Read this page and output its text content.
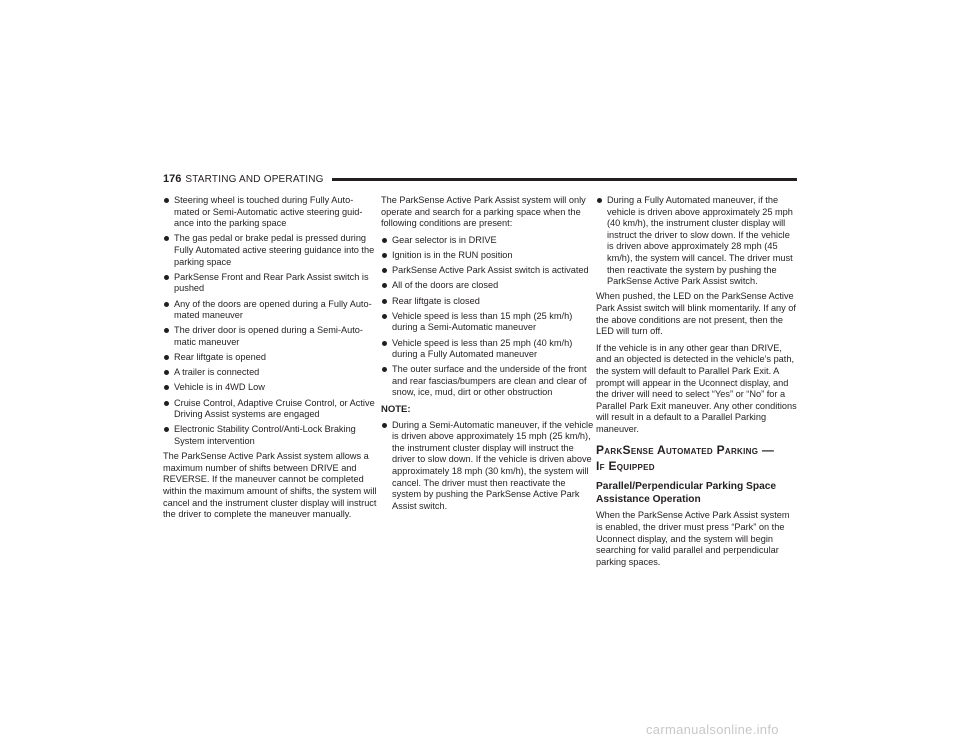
176 STARTING AND OPERATING
Steering wheel is touched during Fully Auto-mated or Semi-Automatic active steering guid-ance into the parking space
The gas pedal or brake pedal is pressed during Fully Automated active steering guidance into the parking space
ParkSense Front and Rear Park Assist switch is pushed
Any of the doors are opened during a Fully Auto-mated maneuver
The driver door is opened during a Semi-Auto-matic maneuver
Rear liftgate is opened
A trailer is connected
Vehicle is in 4WD Low
Cruise Control, Adaptive Cruise Control, or Active Driving Assist systems are engaged
Electronic Stability Control/Anti-Lock Braking System intervention

The ParkSense Active Park Assist system allows a maximum number of shifts between DRIVE and REVERSE. If the maneuver cannot be completed within the maximum amount of shifts, the system will cancel and the instrument cluster display will instruct the driver to complete the maneuver manually.

The ParkSense Active Park Assist system will only operate and search for a parking space when the following conditions are present:

Gear selector is in DRIVE
Ignition is in the RUN position
ParkSense Active Park Assist switch is activated
All of the doors are closed
Rear liftgate is closed
Vehicle speed is less than 15 mph (25 km/h) during a Semi-Automatic maneuver
Vehicle speed is less than 25 mph (40 km/h) during a Fully Automated maneuver
The outer surface and the underside of the front and rear fascias/bumpers are clean and clear of snow, ice, mud, dirt or other obstruction
NOTE:
During a Semi-Automatic maneuver, if the vehicle is driven above approximately 15 mph (25 km/h), the instrument cluster display will instruct the driver to slow down. If the vehicle is driven above approximately 18 mph (30 km/h), the system will cancel. The driver must then reactivate the system by pushing the ParkSense Active Park Assist switch.
During a Fully Automated maneuver, if the vehicle is driven above approximately 25 mph (40 km/h), the instrument cluster display will instruct the driver to slow down. If the vehicle is driven above approximately 28 mph (45 km/h), the system will cancel. The driver must then reactivate the system by pushing the ParkSense Active Park Assist switch.

When pushed, the LED on the ParkSense Active Park Assist switch will blink momentarily. If any of the above conditions are not present, then the LED will turn off.

If the vehicle is in any other gear than DRIVE, and an objected is detected in the vehicle’s path, the system will default to Parallel Park Exit. A prompt will appear in the Uconnect display, and the driver will need to select “Yes” or “No” for a Parallel Park Exit maneuver. Any other conditions will result in a default to a Parallel Parking maneuver.

ParkSense Automated Parking —
If Equipped
Parallel/Perpendicular Parking Space
Assistance Operation

When the ParkSense Active Park Assist system is enabled, the driver must press “Park” on the Uconnect display, and the system will begin searching for valid parallel and perpendicular parking spaces.

carmanualsonline.info
